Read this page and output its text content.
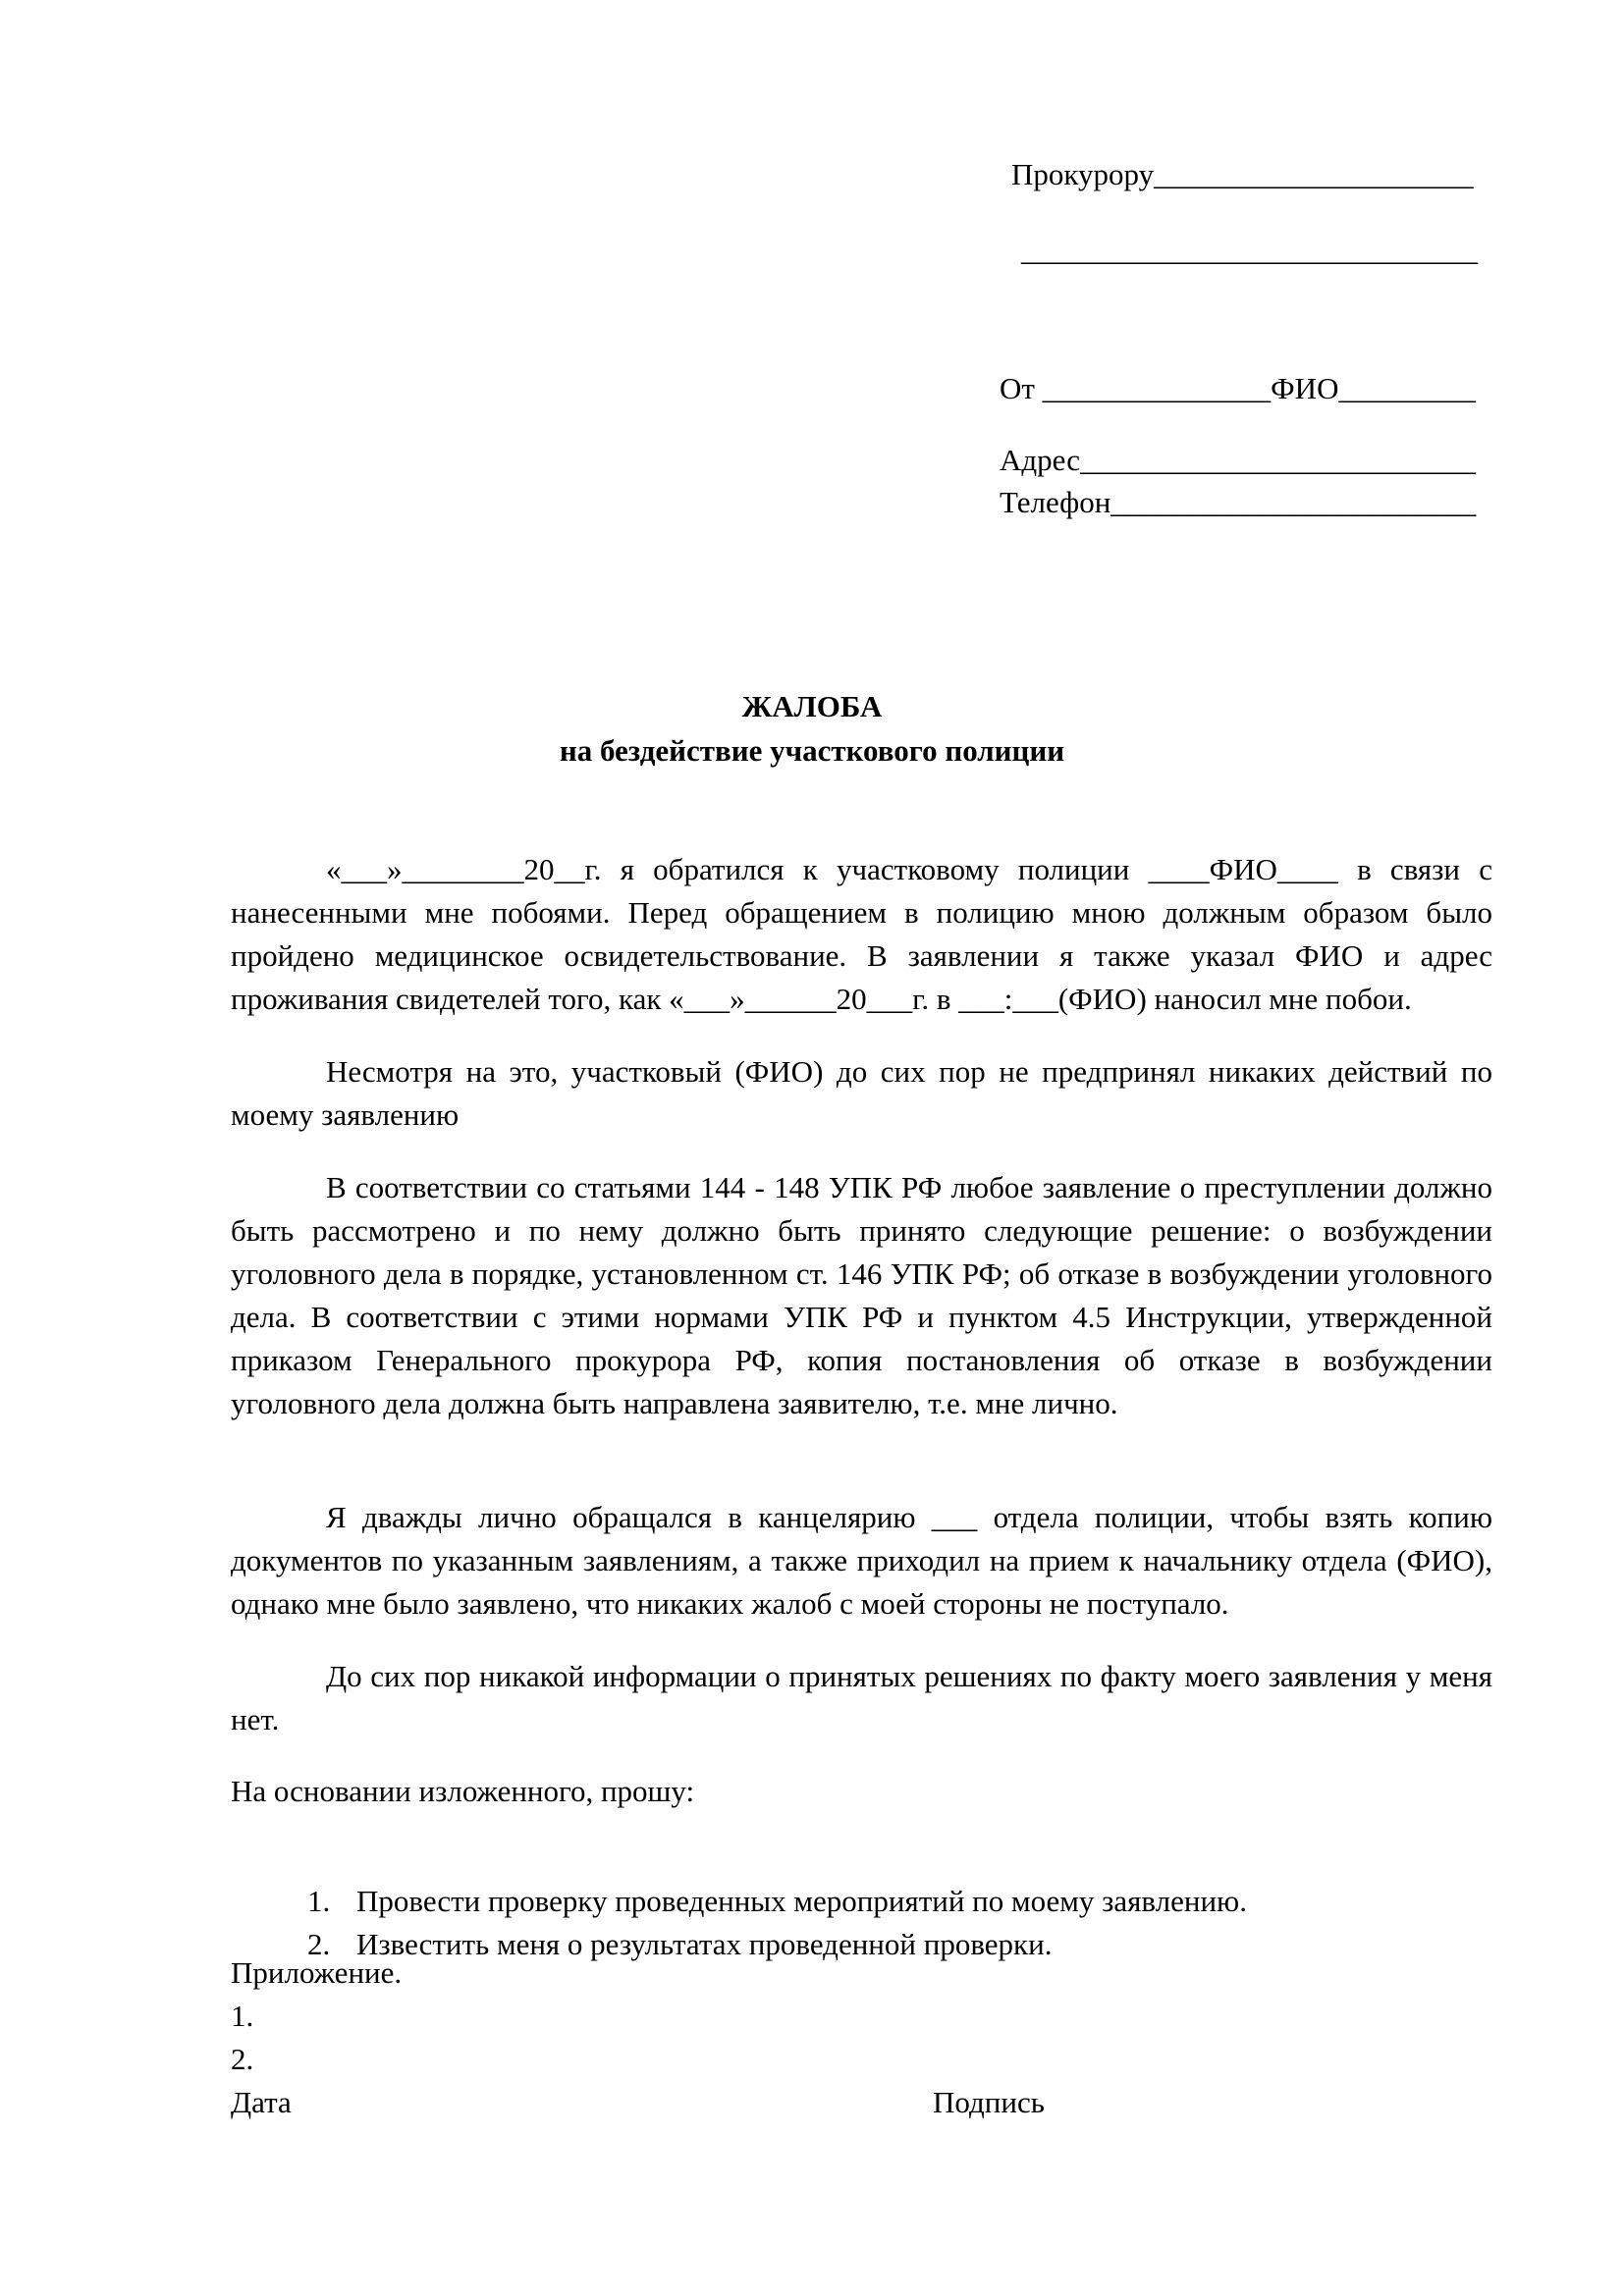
Прокурору_____________________
______________________________
От _______________ФИО_________
Адрес__________________________
Телефон________________________
ЖАЛОБА
на бездействие участкового полиции
«___»________20__г. я обратился к участковому полиции ____ФИО____ в связи с нанесенными мне побоями. Перед обращением в полицию мною должным образом было пройдено медицинское освидетельствование. В заявлении я также указал ФИО и адрес проживания свидетелей того, как «___»______20___г. в ___:___(ФИО) наносил мне побои.
Несмотря на это, участковый (ФИО) до сих пор не предпринял никаких действий по моему заявлению
В соответствии со статьями 144 - 148 УПК РФ любое заявление о преступлении должно быть рассмотрено и по нему должно быть принято следующие решение: о возбуждении уголовного дела в порядке, установленном ст. 146 УПК РФ; об отказе в возбуждении уголовного дела. В соответствии с этими нормами УПК РФ и пунктом 4.5 Инструкции, утвержденной приказом Генерального прокурора РФ, копия постановления об отказе в возбуждении уголовного дела должна быть направлена заявителю, т.е. мне лично.
Я дважды лично обращался в канцелярию ___ отдела полиции, чтобы взять копию документов по указанным заявлениям, а также приходил на прием к начальнику отдела (ФИО), однако мне было заявлено, что никаких жалоб с моей стороны не поступало.
До сих пор никакой информации о принятых решениях по факту моего заявления у меня нет.
На основании изложенного, прошу:

1. Провести проверку проведенных мероприятий по моему заявлению.

2. Известить меня о результатах проведенной проверки.

Приложение.
1.
2.
Дата	Подпись
